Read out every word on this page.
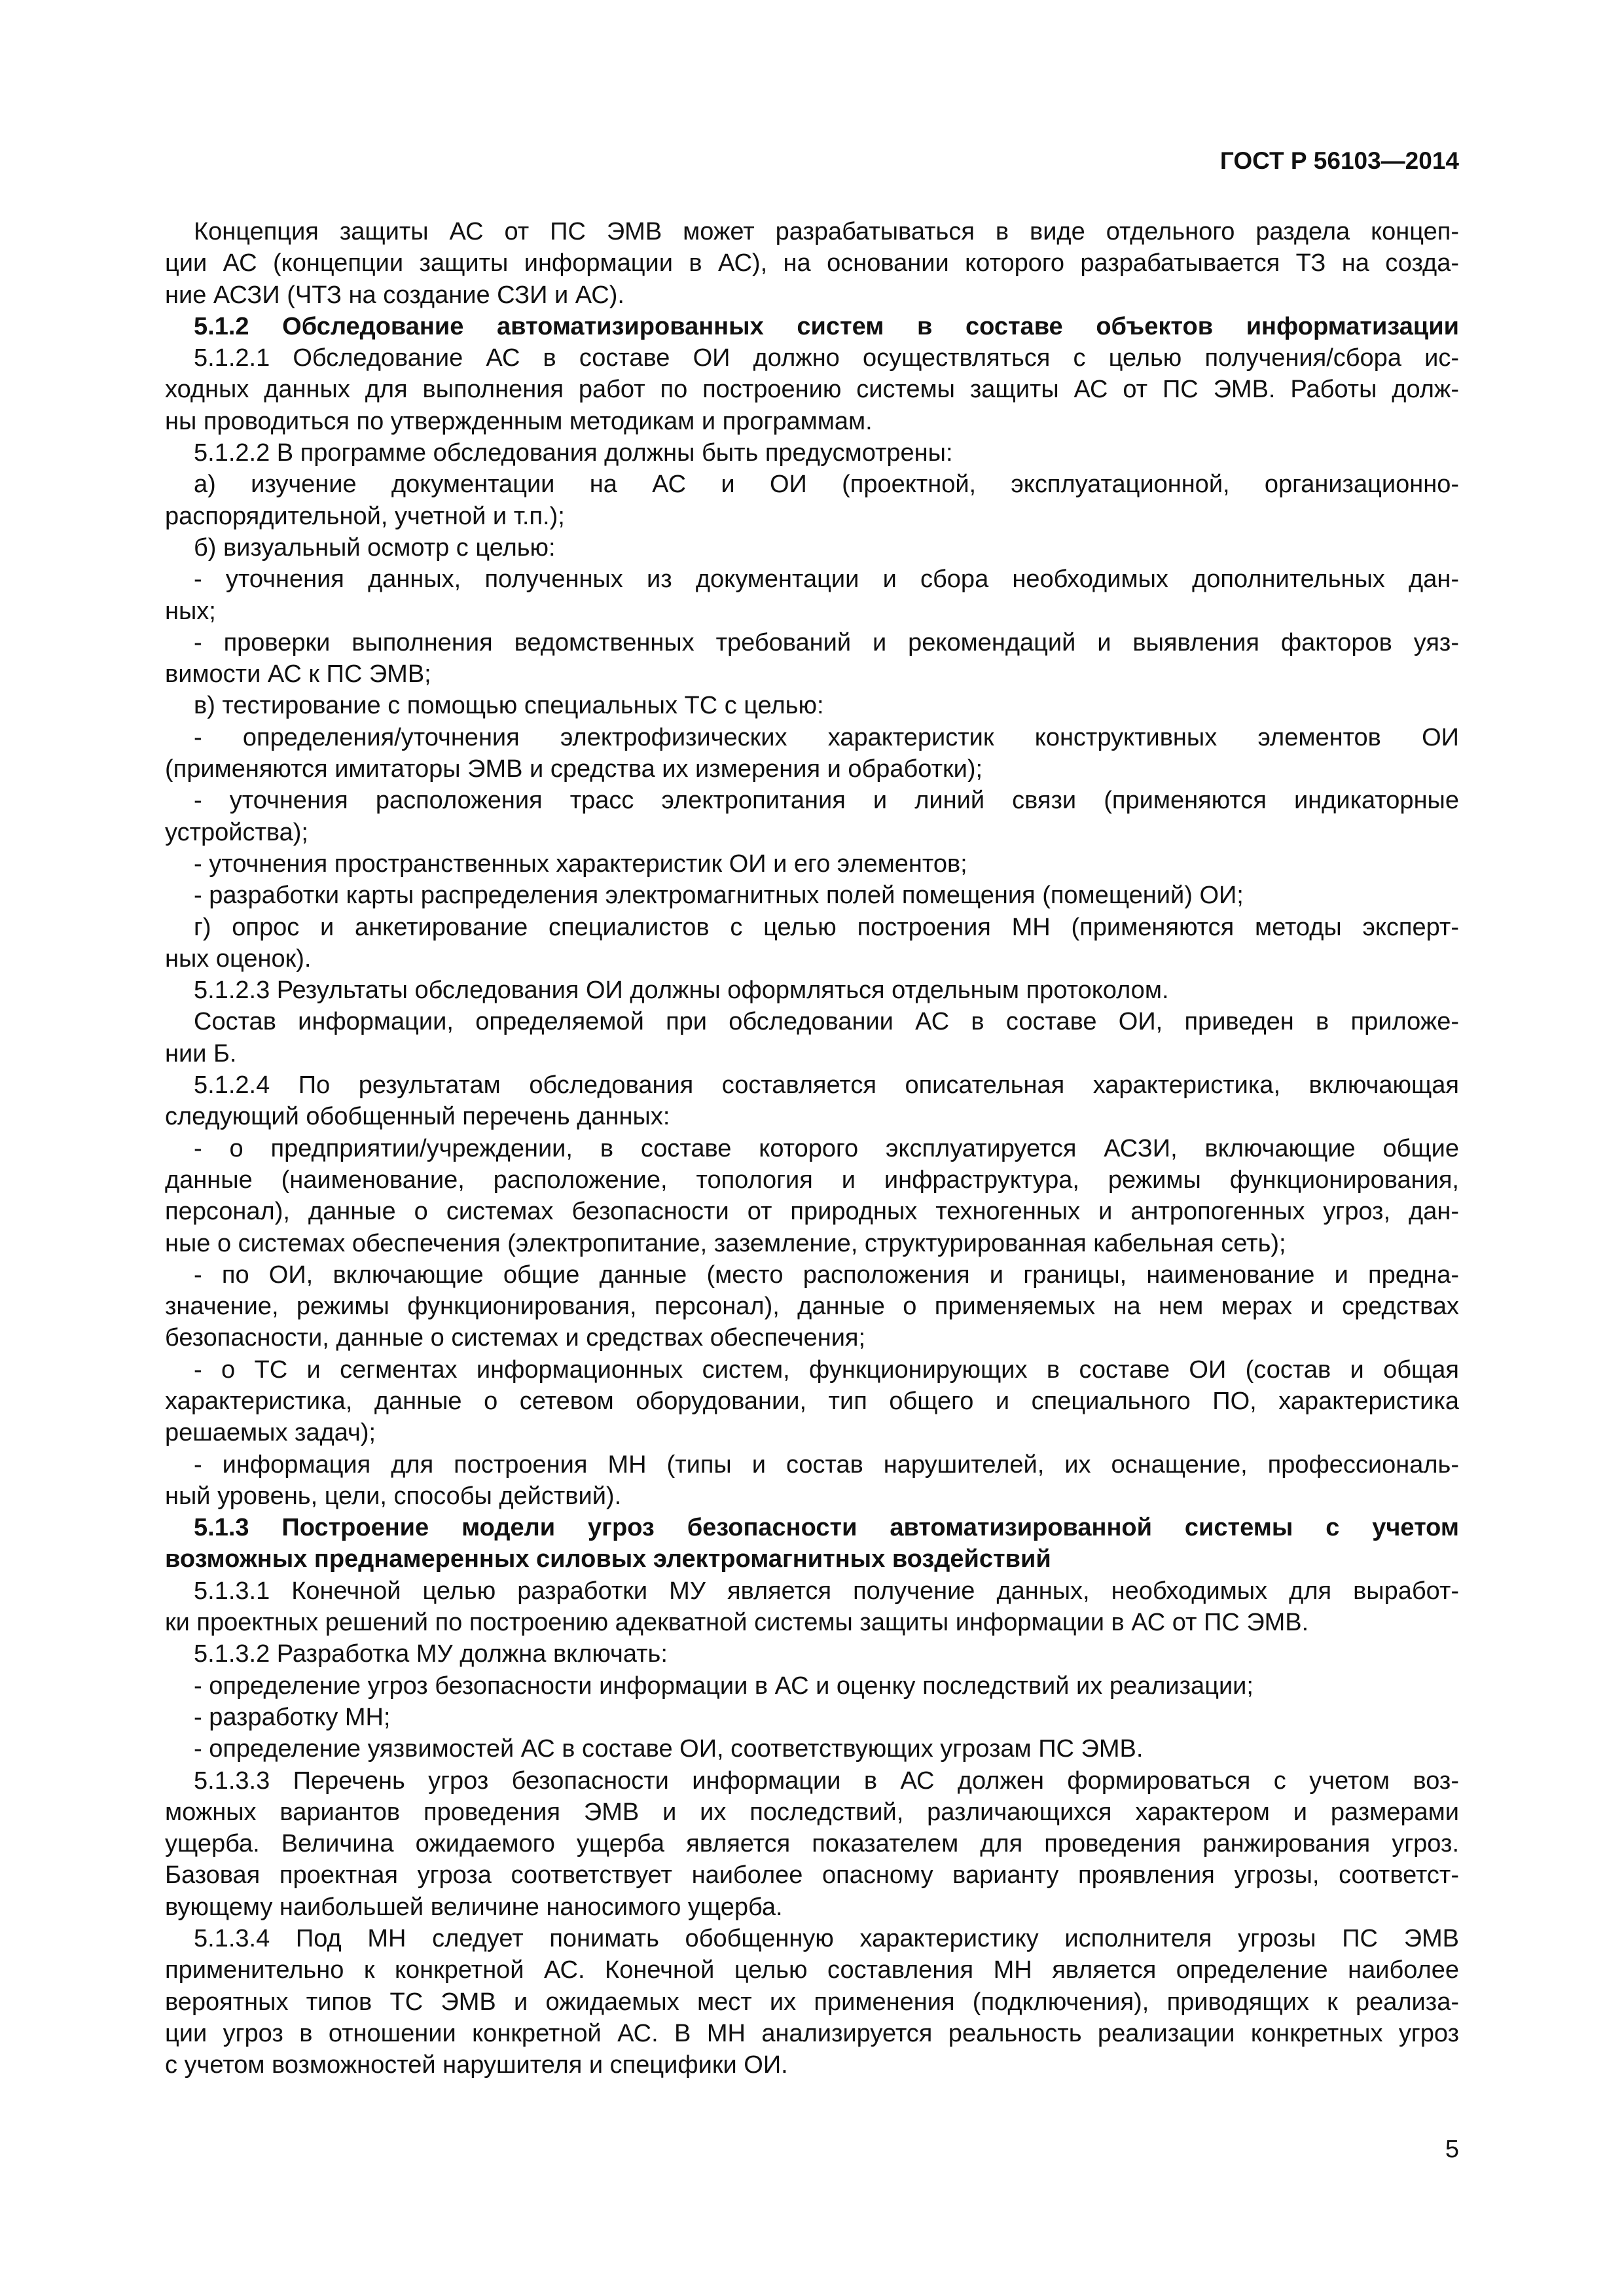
ГОСТ Р 56103—2014
Концепция защиты АС от ПС ЭМВ может разрабатываться в виде отдельного раздела концеп-
ции АС (концепции защиты информации в АС), на основании которого разрабатывается ТЗ на созда-
ние АСЗИ (ЧТЗ на создание СЗИ и АС).
5.1.2 Обследование автоматизированных систем в составе объектов информатизации
5.1.2.1 Обследование АС в составе ОИ должно осуществляться с целью получения/сбора ис-
ходных данных для выполнения работ по построению системы защиты АС от ПС ЭМВ. Работы долж-
ны проводиться по утвержденным методикам и программам.
5.1.2.2 В программе обследования должны быть предусмотрены:
а) изучение документации на АС и ОИ (проектной, эксплуатационной, организационно-
распорядительной, учетной и т.п.);
б) визуальный осмотр с целью:
- уточнения данных, полученных из документации и сбора необходимых дополнительных дан-
ных;
- проверки выполнения ведомственных требований и рекомендаций и выявления факторов уяз-
вимости АС к ПС ЭМВ;
в) тестирование с помощью специальных ТС с целью:
- определения/уточнения электрофизических характеристик конструктивных элементов ОИ
(применяются имитаторы ЭМВ и средства их измерения и обработки);
- уточнения расположения трасс электропитания и линий связи (применяются индикаторные
устройства);
- уточнения пространственных характеристик ОИ и его элементов;
- разработки карты распределения электромагнитных полей помещения (помещений) ОИ;
г) опрос и анкетирование специалистов с целью построения МН (применяются методы эксперт-
ных оценок).
5.1.2.3 Результаты обследования ОИ должны оформляться отдельным протоколом.
Состав информации, определяемой при обследовании АС в составе ОИ, приведен в приложе-
нии Б.
5.1.2.4 По результатам обследования составляется описательная характеристика, включающая
следующий обобщенный перечень данных:
- о предприятии/учреждении, в составе которого эксплуатируется АСЗИ, включающие общие
данные (наименование, расположение, топология и инфраструктура, режимы функционирования,
персонал), данные о системах безопасности от природных техногенных и антропогенных угроз, дан-
ные о системах обеспечения (электропитание, заземление, структурированная кабельная сеть);
- по ОИ, включающие общие данные (место расположения и границы, наименование и предна-
значение, режимы функционирования, персонал), данные о применяемых на нем мерах и средствах
безопасности, данные о системах и средствах обеспечения;
- о ТС и сегментах информационных систем, функционирующих в составе ОИ (состав и общая
характеристика, данные о сетевом оборудовании, тип общего и специального ПО, характеристика
решаемых задач);
- информация для построения МН (типы и состав нарушителей, их оснащение, профессиональ-
ный уровень, цели, способы действий).
5.1.3 Построение модели угроз безопасности автоматизированной системы с учетом
возможных преднамеренных силовых электромагнитных воздействий
5.1.3.1 Конечной целью разработки МУ является получение данных, необходимых для выработ-
ки проектных решений по построению адекватной системы защиты информации в АС от ПС ЭМВ.
5.1.3.2 Разработка МУ должна включать:
- определение угроз безопасности информации в АС и оценку последствий их реализации;
- разработку МН;
- определение уязвимостей АС в составе ОИ, соответствующих угрозам ПС ЭМВ.
5.1.3.3 Перечень угроз безопасности информации в АС должен формироваться с учетом воз-
можных вариантов проведения ЭМВ и их последствий, различающихся характером и размерами
ущерба. Величина ожидаемого ущерба является показателем для проведения ранжирования угроз.
Базовая проектная угроза соответствует наиболее опасному варианту проявления угрозы, соответст-
вующему наибольшей величине наносимого ущерба.
5.1.3.4 Под МН следует понимать обобщенную характеристику исполнителя угрозы ПС ЭМВ
применительно к конкретной АС. Конечной целью составления МН является определение наиболее
вероятных типов ТС ЭМВ и ожидаемых мест их применения (подключения), приводящих к реализа-
ции угроз в отношении конкретной АС. В МН анализируется реальность реализации конкретных угроз
с учетом возможностей нарушителя и специфики ОИ.
5
